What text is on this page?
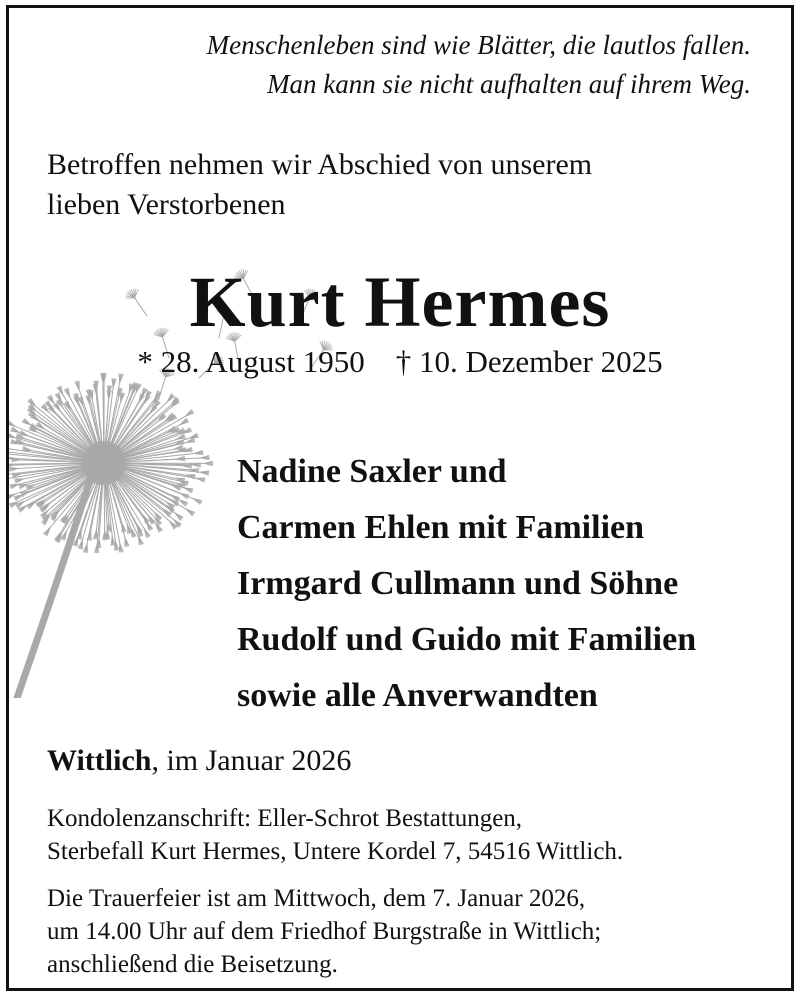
Menschenleben sind wie Blätter, die lautlos fallen.
Man kann sie nicht aufhalten auf ihrem Weg.
Betroffen nehmen wir Abschied von unserem
lieben Verstorbenen
Kurt Hermes
* 28. August 1950 † 10. Dezember 2025
Nadine Saxler und
Carmen Ehlen mit Familien
Irmgard Cullmann und Söhne
Rudolf und Guido mit Familien
sowie alle Anverwandten
Wittlich, im Januar 2026
Kondolenzanschrift: Eller-Schrot Bestattungen,
Sterbefall Kurt Hermes, Untere Kordel 7, 54516 Wittlich.
Die Trauerfeier ist am Mittwoch, dem 7. Januar 2026,
um 14.00 Uhr auf dem Friedhof Burgstraße in Wittlich;
anschließend die Beisetzung.
